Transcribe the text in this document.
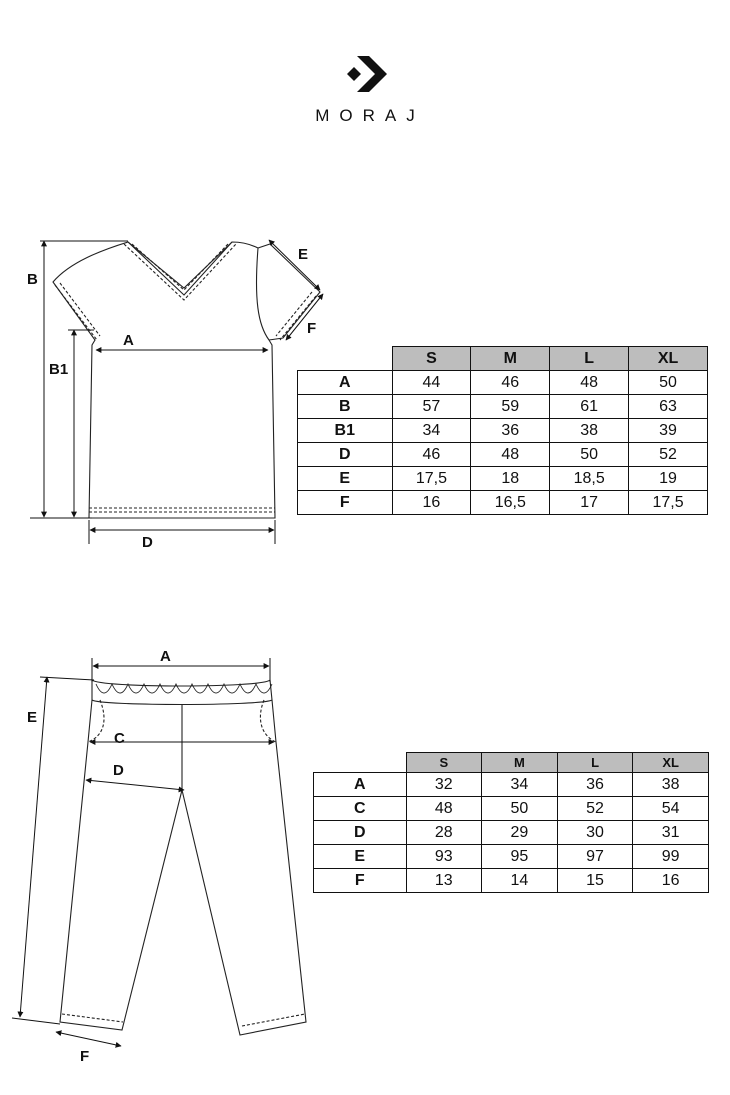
MORAJ
B
B1
A
D
E
F
A
C
D
E
F
	S	M	L	XL
A	44	46	48	50
B	57	59	61	63
B1	34	36	38	39
D	46	48	50	52
E	17,5	18	18,5	19
F	16	16,5	17	17,5
	S	M	L	XL
A	32	34	36	38
C	48	50	52	54
D	28	29	30	31
E	93	95	97	99
F	13	14	15	16
